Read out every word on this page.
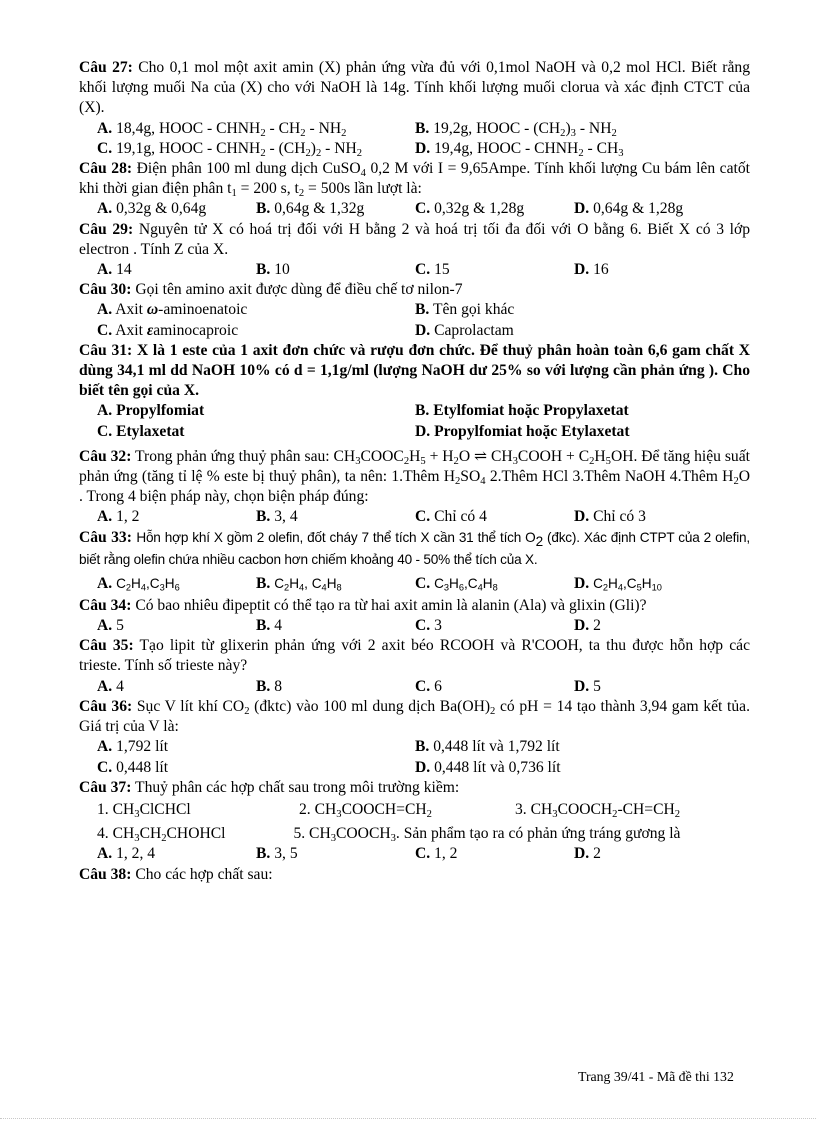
Câu 27: Cho 0,1 mol một axit amin (X) phản ứng vừa đủ với 0,1mol NaOH và 0,2 mol HCl. Biết rằng khối lượng muối Na của (X) cho với NaOH là 14g. Tính khối lượng muối clorua và xác định CTCT của (X).

A. 18,4g, HOOC - $CHNH_2 - CH_2 - NH_2$	B. 19,2g, HOOC - $(CH_2)_3 - NH_2$
C. 19,1g, HOOC - $CHNH_2 - (CH_2)_2 - NH_2$	D. 19,4g, HOOC - $CHNH_2 - CH_3$

Câu 28: Điện phân 100 ml dung dịch CuSO$_4$ 0,2 M với I = 9,65Ampe. Tính khối lượng Cu bám lên catốt khi thời gian điện phân $t_1 = 200$ s, $t_2 = 500s$ lần lượt là:

A. 0,32g & 0,64g	B. 0,64g & 1,32g	C. 0,32g & 1,28g	D. 0,64g & 1,28g

Câu 29: Nguyên tử X có hoá trị đối với H bằng 2 và hoá trị tối đa đối với O bằng 6. Biết X có 3 lớp electron . Tính Z của X.

A. 14	B. 10	C. 15	D. 16

Câu 30: Gọi tên amino axit được dùng để điều chế tơ nilon-7

A. Axit ω-aminoenatoic	B. Tên gọi khác
C. Axit εaminocaproic	D. Caprolactam

Câu 31: X là 1 este của 1 axit đơn chức và rượu đơn chức. Để thuỷ phân hoàn toàn 6,6 gam chất X dùng 34,1 ml dd NaOH 10% có d = 1,1g/ml (lượng NaOH dư 25% so với lượng cần phản ứng ). Cho biết tên gọi của X.

A. Propylfomiat	B. Etylfomiat hoặc Propylaxetat
C. Etylaxetat	D. Propylfomiat hoặc Etylaxetat

Câu 32: Trong phản ứng thuỷ phân sau: $CH_3COOC_2H_5 + H_2O$ ⇌ $CH_3COOH + C_2H_5OH$. Để tăng hiệu suất phản ứng (tăng tỉ lệ % este bị thuỷ phân), ta nên: 1.Thêm $H_2SO_4$ 2.Thêm HCl 3.Thêm NaOH 4.Thêm $H_2O$ . Trong 4 biện pháp này, chọn biện pháp đúng:

A. 1, 2	B. 3, 4	C. Chỉ có 4	D. Chỉ có 3

Câu 33: Hỗn hợp khí X gồm 2 olefin, đốt cháy 7 thể tích X cần 31 thể tích $O_2$ (đkc). Xác định CTPT của 2 olefin, biết rằng olefin chứa nhiều cacbon hơn chiếm khoảng 40 - 50% thể tích của X.

A. $C_2H_4,C_3H_6$	B. $C_2H_4$, $C_4H_8$	C. $C_3H_6,C_4H_8$	D. $C_2H_4,C_5H_{10}$

Câu 34: Có bao nhiêu đipeptit có thể tạo ra từ hai axit amin là alanin (Ala) và glixin (Gli)?

A. 5	B. 4	C. 3	D. 2

Câu 35: Tạo lipit từ glixerin phản ứng với 2 axit béo RCOOH và R'COOH, ta thu được hỗn hợp các trieste. Tính số trieste này?

A. 4	B. 8	C. 6	D. 5

Câu 36: Sục V lít khí $CO_2$ (đktc) vào 100 ml dung dịch $Ba(OH)_2$ có pH = 14 tạo thành 3,94 gam kết tủa. Giá trị của V là:

A. 1,792 lít	B. 0,448 lít và 1,792 lít
C. 0,448 lít	D. 0,448 lít và 0,736 lít

Câu 37: Thuỷ phân các hợp chất sau trong môi trường kiềm:

1. $CH_3ClCHCl$	2. $CH_3COOCH=CH_2$	3. $CH_3COOCH_2-CH=CH_2$

4. $CH_3CH_2CHOHCl$	5. $CH_3COOCH_3$. Sản phẩm tạo ra có phản ứng tráng gương là

A. 1, 2, 4	B. 3, 5	C. 1, 2	D. 2

Câu 38: Cho các hợp chất sau:

Trang 39/41 - Mã đề thi 132
